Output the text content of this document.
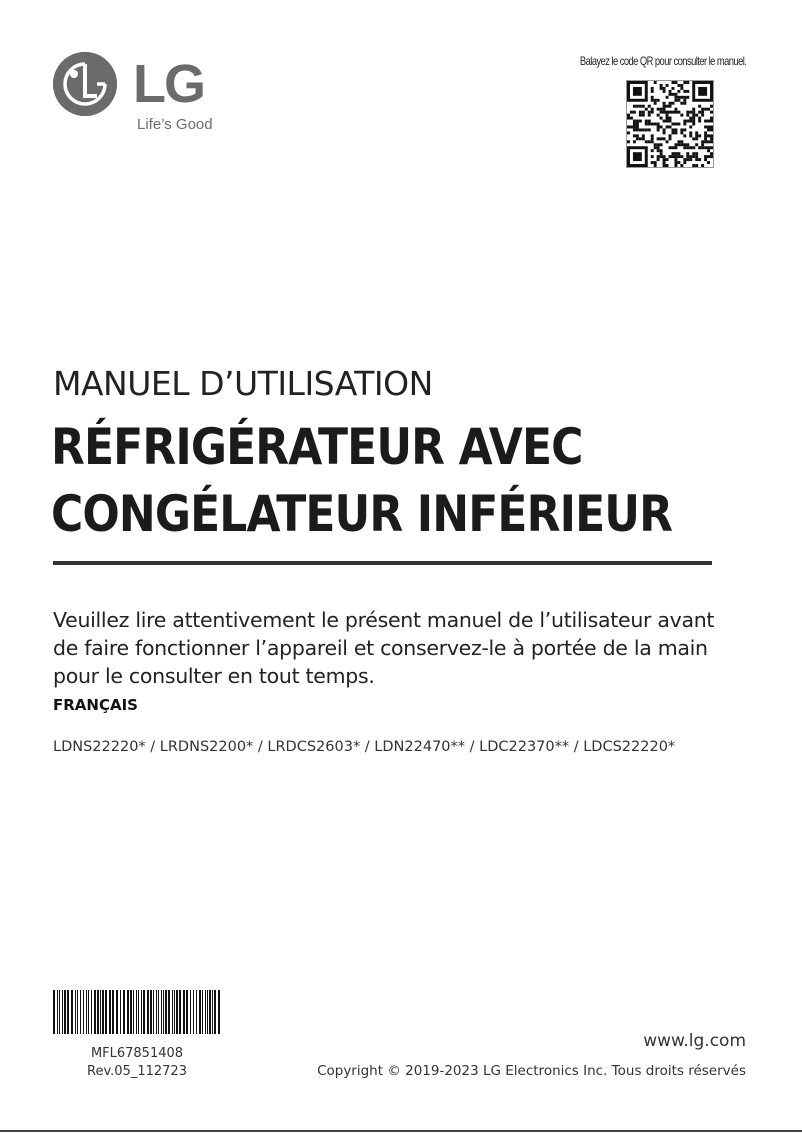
LG
Life’s Good
Balayez le code QR pour consulter le manuel.
MANUEL D’UTILISATION
RÉFRIGÉRATEUR AVEC
CONGÉLATEUR INFÉRIEUR
Veuillez lire attentivement le présent manuel de l’utilisateur avant de faire fonctionner l’appareil et conservez-le à portée de la main pour le consulter en tout temps.
FRANÇAIS
LDNS22220* / LRDNS2200* / LRDCS2603* / LDN22470** / LDC22370** / LDCS22220*
MFL67851408
Rev.05_112723
www.lg.com
Copyright © 2019-2023 LG Electronics Inc. Tous droits réservés
